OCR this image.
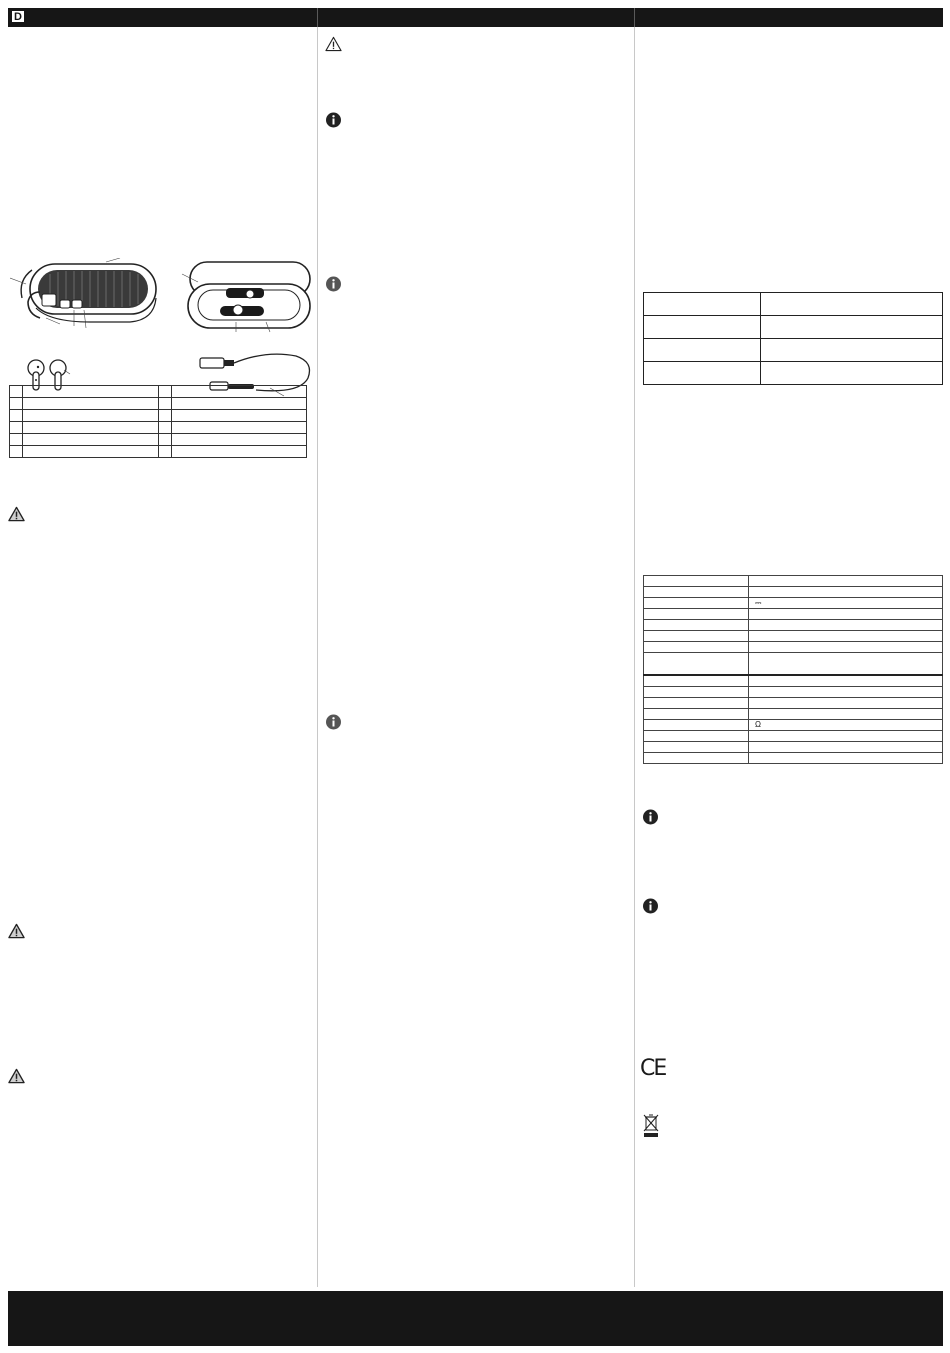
D

	⎓

	Ω

CE
